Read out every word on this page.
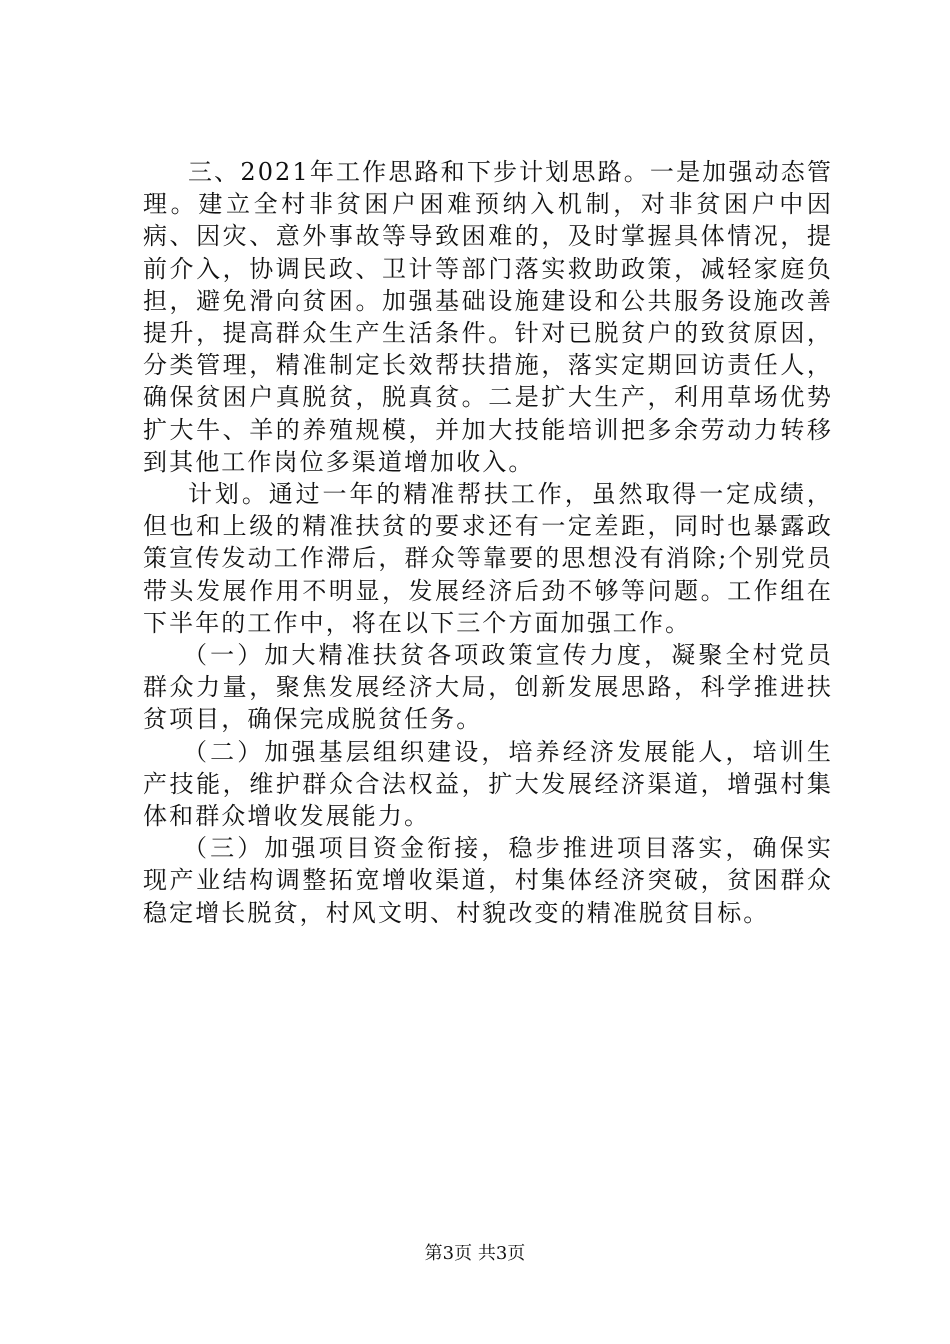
三、2021年工作思路和下步计划思路。一是加强动态管理。建立全村非贫困户困难预纳入机制，对非贫困户中因病、因灾、意外事故等导致困难的，及时掌握具体情况，提前介入，协调民政、卫计等部门落实救助政策，减轻家庭负担，避免滑向贫困。加强基础设施建设和公共服务设施改善提升，提高群众生产生活条件。针对已脱贫户的致贫原因，分类管理，精准制定长效帮扶措施，落实定期回访责任人，确保贫困户真脱贫，脱真贫。二是扩大生产，利用草场优势扩大牛、羊的养殖规模，并加大技能培训把多余劳动力转移到其他工作岗位多渠道增加收入。

计划。通过一年的精准帮扶工作，虽然取得一定成绩，但也和上级的精准扶贫的要求还有一定差距，同时也暴露政策宣传发动工作滞后，群众等靠要的思想没有消除;个别党员带头发展作用不明显，发展经济后劲不够等问题。工作组在下半年的工作中，将在以下三个方面加强工作。

（一）加大精准扶贫各项政策宣传力度，凝聚全村党员群众力量，聚焦发展经济大局，创新发展思路，科学推进扶贫项目，确保完成脱贫任务。

（二）加强基层组织建设，培养经济发展能人，培训生产技能，维护群众合法权益，扩大发展经济渠道，增强村集体和群众增收发展能力。

（三）加强项目资金衔接，稳步推进项目落实，确保实现产业结构调整拓宽增收渠道，村集体经济突破，贫困群众稳定增长脱贫，村风文明、村貌改变的精准脱贫目标。

第3页 共3页
